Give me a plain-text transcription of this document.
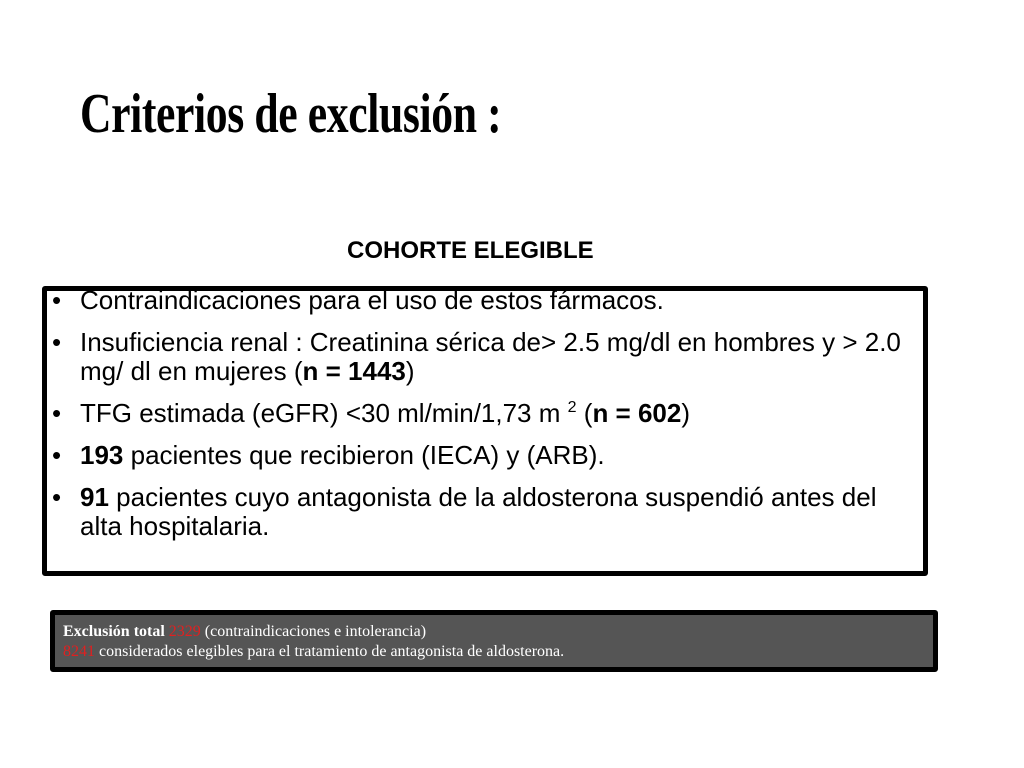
Criterios de exclusión :
COHORTE ELEGIBLE
• Contraindicaciones para el uso de estos fármacos.
• Insuficiencia renal : Creatinina sérica de> 2.5 mg/dl en hombres y > 2.0 mg/ dl en mujeres (n = 1443)
• TFG estimada (eGFR) <30 ml/min/1,73 m $^2$ (n = 602)
• 193 pacientes que recibieron (IECA) y (ARB).
• 91 pacientes cuyo antagonista de la aldosterona suspendió antes del alta hospitalaria.
Exclusión total 2329 (contraindicaciones e intolerancia)
8241 considerados elegibles para el tratamiento de antagonista de aldosterona.
